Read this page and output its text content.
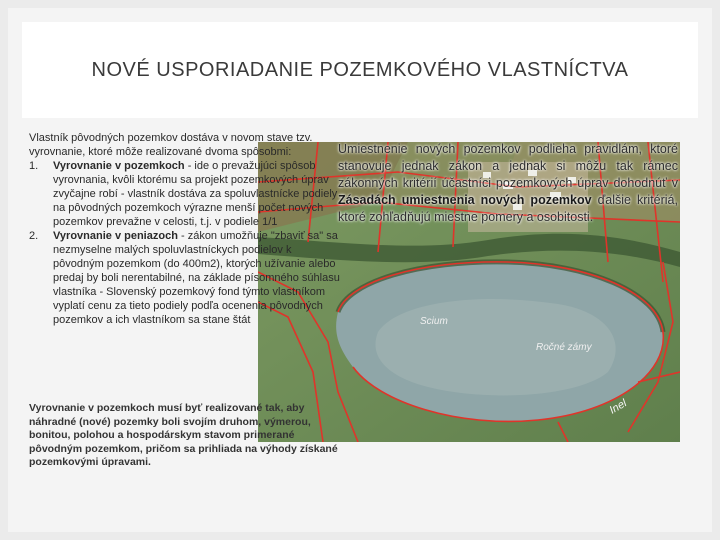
NOVÉ USPORIADANIE POZEMKOVÉHO VLASTNÍCTVA
Scium
Ročné zámy
Inel

Vlastník pôvodných pozemkov dostáva v novom stave tzv. vyrovnanie, ktoré môže realizované dvoma spôsobmi:

1. Vyrovnanie v pozemkoch - ide o prevažujúci spôsob vyrovnania, kvôli ktorému sa projekt pozemkových úprav zvyčajne robí - vlastník dostáva za spoluvlastnícke podiely na pôvodných pozemkoch výrazne menší počet nových pozemkov prevažne v celosti, t.j. v podiele 1/1
2. Vyrovnanie v peniazoch - zákon umožňuje "zbaviť sa" sa nezmyselne malých spoluvlastníckych podielov k pôvodným pozemkom (do 400m2), ktorých užívanie alebo predaj by boli nerentabilné, na základe písomného súhlasu vlastníka - Slovenský pozemkový fond týmto vlastníkom vyplatí cenu za tieto podiely podľa ocenenia pôvodných pozemkov a ich vlastníkom sa stane štát
Vyrovnanie v pozemkoch musí byť realizované tak, aby náhradné (nové) pozemky boli svojím druhom, výmerou, bonitou, polohou a hospodárskym stavom primerané pôvodným pozemkom, pričom sa prihliada na výhody získané pozemkovými úpravami.
Umiestnenie nových pozemkov podlieha pravidlám, ktoré stanovuje jednak zákon a jednak si môžu tak rámec zákonných kritérií účastníci pozemkových úprav dohodnúť v Zásadách umiestnenia nových pozemkov ďalšie kritériá, ktoré zohľadňujú miestne pomery a osobitosti.
